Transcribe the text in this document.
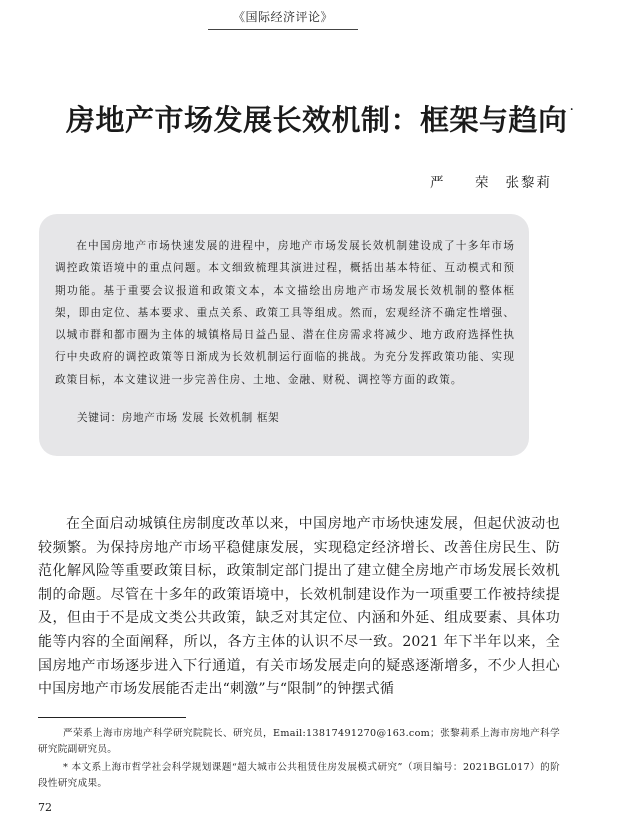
《国际经济评论》
房地产市场发展长效机制：框架与趋向 ·
严　荣 张黎莉
在中国房地产市场快速发展的进程中，房地产市场发展长效机制建设成了十多年市场调控政策语境中的重点问题。本文细致梳理其演进过程，概括出基本特征、互动模式和预期功能。基于重要会议报道和政策文本，本文描绘出房地产市场发展长效机制的整体框架，即由定位、基本要求、重点关系、政策工具等组成。然而，宏观经济不确定性增强、以城市群和都市圈为主体的城镇格局日益凸显、潜在住房需求将减少、地方政府选择性执行中央政府的调控政策等日渐成为长效机制运行面临的挑战。为充分发挥政策功能、实现政策目标，本文建议进一步完善住房、土地、金融、财税、调控等方面的政策。
关键词：房地产市场 发展 长效机制 框架
在全面启动城镇住房制度改革以来，中国房地产市场快速发展，但起伏波动也较频繁。为保持房地产市场平稳健康发展，实现稳定经济增长、改善住房民生、防范化解风险等重要政策目标，政策制定部门提出了建立健全房地产市场发展长效机制的命题。尽管在十多年的政策语境中，长效机制建设作为一项重要工作被持续提及，但由于不是成文类公共政策，缺乏对其定位、内涵和外延、组成要素、具体功能等内容的全面阐释，所以，各方主体的认识不尽一致。2021 年下半年以来，全国房地产市场逐步进入下行通道，有关市场发展走向的疑惑逐渐增多，不少人担心中国房地产市场发展能否走出“刺激”与“限制”的钟摆式循
严荣系上海市房地产科学研究院院长、研究员，Email:13817491270@163.com；张黎莉系上海市房地产科学研究院副研究员。
* 本文系上海市哲学社会科学规划课题“超大城市公共租赁住房发展模式研究”（项目编号：2021BGL017）的阶段性研究成果。
72
